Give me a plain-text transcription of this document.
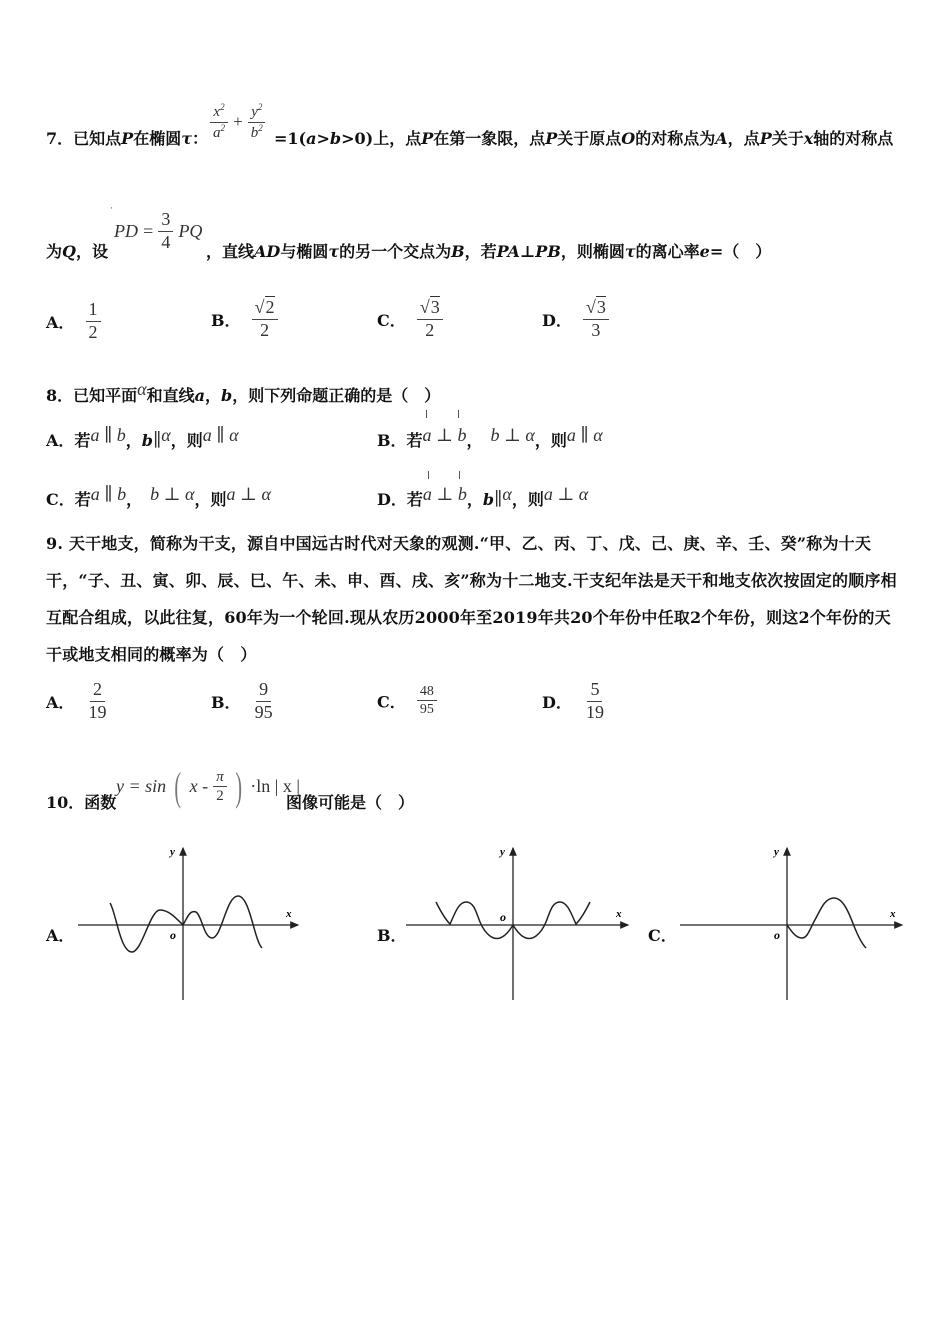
7．已知点P在椭圆τ： $\frac{x^2}{a^2} + \frac{y^2}{b^2} =1(a>b>0)$上，点P在第一象限，点P关于原点O的对称点为A，点P关于x轴的对称点
为Q，设
PD = $\frac{3}{4}$ PQ
·
，直线AD与椭圆τ的另一个交点为B，若PA⊥PB，则椭圆τ的离心率e=（　）
A． $\frac{1}{2}$	B． $\frac{√2}{2}$	C． $\frac{√3}{2}$	D． $\frac{√3}{3}$
8．已知平面α和直线a，b，则下列命题正确的是（　）
A．若a ∥ b，b∥α，则a ∥ α	B．若a ⊥ b， b ⊥ α，则a ∥ α
C．若a ∥ b， b ⊥ α，则a ⊥ α	D．若a ⊥ b，b∥α，则a ⊥ α
9. 天干地支，简称为干支，源自中国远古时代对天象的观测.“甲、乙、丙、丁、戊、己、庚、辛、壬、癸”称为十天干，“子、丑、寅、卯、辰、巳、午、未、申、酉、戌、亥”称为十二地支.干支纪年法是天干和地支依次按固定的顺序相互配合组成，以此往复，60年为一个轮回.现从农历2000年至2019年共20个年份中任取2个年份，则这2个年份的天干或地支相同的概率为（　）
A． $\frac{2}{19}$	B． $\frac{9}{95}$	C． $\frac{48}{95}$	D． $\frac{5}{19}$
10．函数
y = sin ( x - $\frac{\pi}{2}$ ) ·ln | x |
图像可能是（　）
A．	B．	C．
y
x
o
y
x
o
y
x
o
